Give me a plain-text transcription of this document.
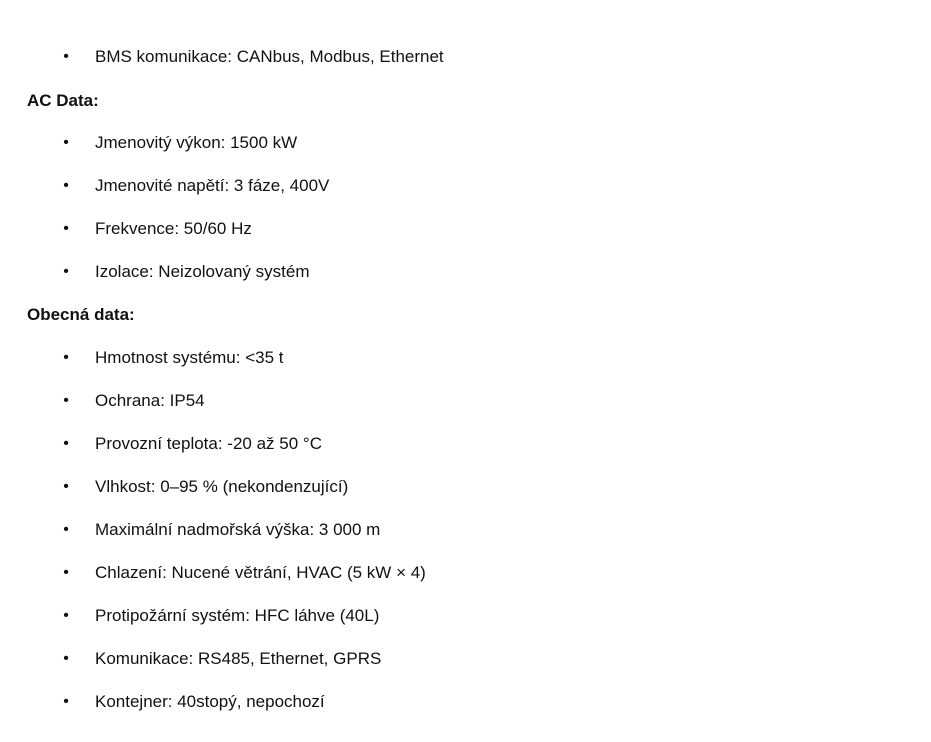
• BMS komunikace: CANbus, Modbus, Ethernet
AC Data:
• Jmenovitý výkon: 1500 kW
• Jmenovité napětí: 3 fáze, 400V
• Frekvence: 50/60 Hz
• Izolace: Neizolovaný systém
Obecná data:
• Hmotnost systému: <35 t
• Ochrana: IP54
• Provozní teplota: -20 až 50 °C
• Vlhkost: 0–95 % (nekondenzující)
• Maximální nadmořská výška: 3 000 m
• Chlazení: Nucené větrání, HVAC (5 kW × 4)
• Protipožární systém: HFC láhve (40L)
• Komunikace: RS485, Ethernet, GPRS
• Kontejner: 40stopý, nepochozí
